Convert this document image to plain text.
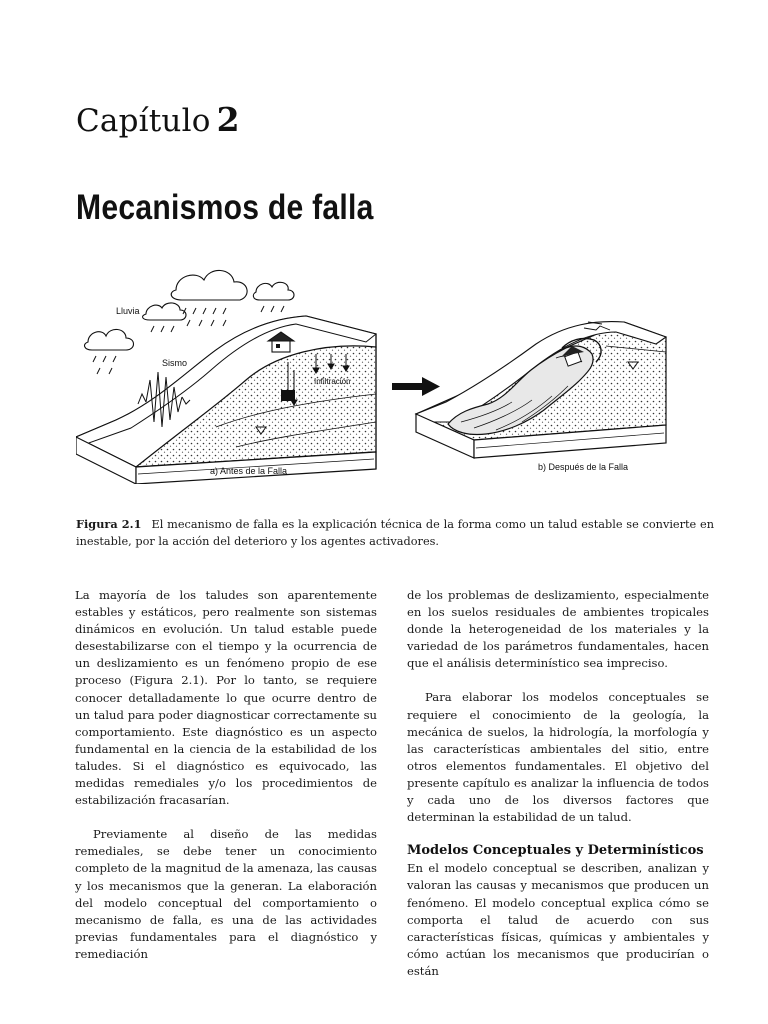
Capítulo 2
Mecanismos de falla
Lluvia
Sismo
Infiltración
a) Antes de la Falla	b) Después de la Falla
Figura 2.1 El mecanismo de falla es la explicación técnica de la forma como un talud estable se convierte en inestable, por la acción del deterioro y los agentes activadores.

La mayoría de los taludes son aparentemente estables y estáticos, pero realmente son sistemas dinámicos en evolución. Un talud estable puede desestabilizarse con el tiempo y la ocurrencia de un deslizamiento es un fenómeno propio de ese proceso (Figura 2.1). Por lo tanto, se requiere conocer detalladamente lo que ocurre dentro de un talud para poder diagnosticar correctamente su comportamiento. Este diagnóstico es un aspecto fundamental en la ciencia de la estabilidad de los taludes. Si el diagnóstico es equivocado, las medidas remediales y/o los procedimientos de estabilización fracasarían.

Previamente al diseño de las medidas remediales, se debe tener un conocimiento completo de la magnitud de la amenaza, las causas y los mecanismos que la generan. La elaboración del modelo conceptual del comportamiento o mecanismo de falla, es una de las actividades previas fundamentales para el diagnóstico y remediación

de los problemas de deslizamiento, especialmente en los suelos residuales de ambientes tropicales donde la heterogeneidad de los materiales y la variedad de los parámetros fundamentales, hacen que el análisis determinístico sea impreciso.

Para elaborar los modelos conceptuales se requiere el conocimiento de la geología, la mecánica de suelos, la hidrología, la morfología y las características ambientales del sitio, entre otros elementos fundamentales. El objetivo del presente capítulo es analizar la influencia de todos y cada uno de los diversos factores que determinan la estabilidad de un talud.

Modelos Conceptuales y Determinísticos

En el modelo conceptual se describen, analizan y valoran las causas y mecanismos que producen un fenómeno. El modelo conceptual explica cómo se comporta el talud de acuerdo con sus características físicas, químicas y ambientales y cómo actúan los mecanismos que producirían o están
